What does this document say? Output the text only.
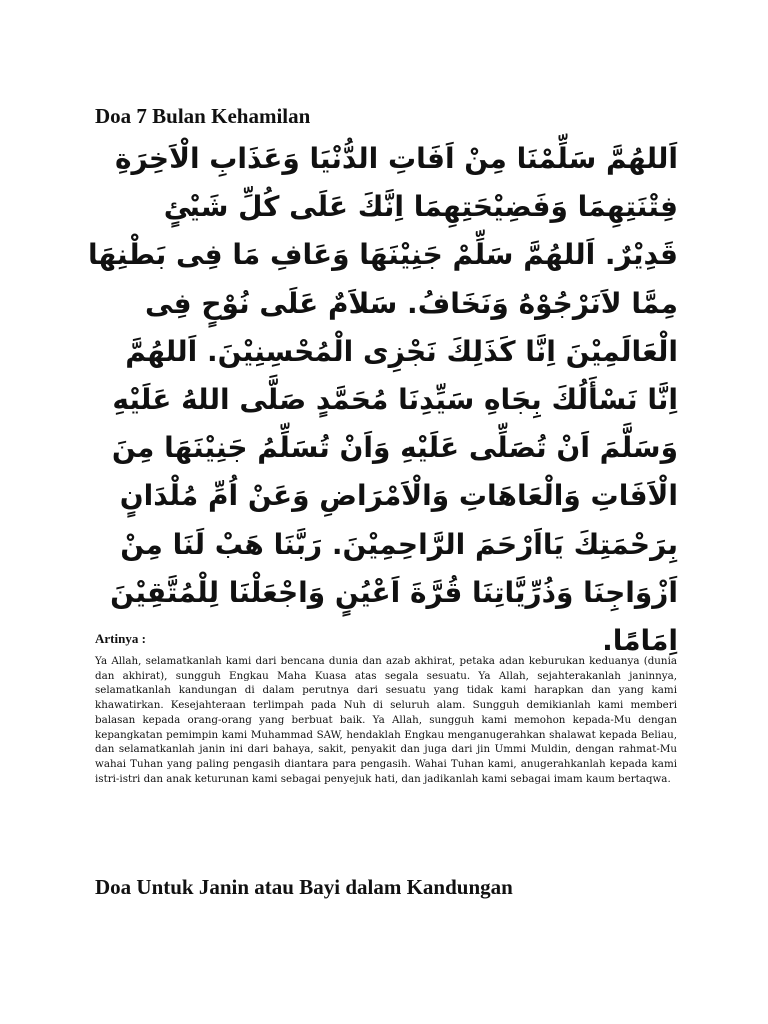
Doa 7 Bulan Kehamilan

اَللهُمَّ سَلِّمْنَا مِنْ اَفَاتِ الدُّنْيَا وَعَذَابِ الْاَخِرَةِ فِتْنَتِهِمَا وَفَضِيْحَتِهِمَا اِنَّكَ عَلَى كُلِّ شَيْئٍ قَدِيْرٌ. اَللهُمَّ سَلِّمْ جَنِيْنَهَا وَعَافِ مَا فِى بَطْنِهَا مِمَّا لاَنَرْجُوْهُ وَنَخَافُ. سَلاَمٌ عَلَى نُوْحٍ فِى الْعَالَمِيْنَ اِنَّا كَذَلِكَ نَجْزِى الْمُحْسِنِيْنَ. اَللهُمَّ اِنَّا نَسْأَلُكَ بِجَاهِ سَيِّدِنَا مُحَمَّدٍ صَلَّى اللهُ عَلَيْهِ وَسَلَّمَ اَنْ تُصَلِّى عَلَيْهِ وَاَنْ تُسَلِّمُ جَنِيْنَهَا مِنَ الْاَفَاتِ وَالْعَاهَاتِ وَالْاَمْرَاضِ وَعَنْ اُمِّ مُلْدَانٍ بِرَحْمَتِكَ يَااَرْحَمَ الرَّاحِمِيْنَ. رَبَّنَا هَبْ لَنَا مِنْ اَزْوَاجِنَا وَذُرِّيَّاتِنَا قُرَّةَ اَعْيُنٍ وَاجْعَلْنَا لِلْمُتَّقِيْنَ اِمَامًا.

Artinya :

Ya Allah, selamatkanlah kami dari bencana dunia dan azab akhirat, petaka adan keburukan keduanya (dunia dan akhirat), sungguh Engkau Maha Kuasa atas segala sesuatu. Ya Allah, sejahterakanlah janinnya, selamatkanlah kandungan di dalam perutnya dari sesuatu yang tidak kami harapkan dan yang kami khawatirkan. Kesejahteraan terlimpah pada Nuh di seluruh alam. Sungguh demikianlah kami memberi balasan kepada orang-orang yang berbuat baik. Ya Allah, sungguh kami memohon kepada-Mu dengan kepangkatan pemimpin kami Muhammad SAW, hendaklah Engkau menganugerahkan shalawat kepada Beliau, dan selamatkanlah janin ini dari bahaya, sakit, penyakit dan juga dari jin Ummi Muldin, dengan rahmat-Mu wahai Tuhan yang paling pengasih diantara para pengasih. Wahai Tuhan kami, anugerahkanlah kepada kami istri-istri dan anak keturunan kami sebagai penyejuk hati, dan jadikanlah kami sebagai imam kaum bertaqwa.

Doa Untuk Janin atau Bayi dalam Kandungan
